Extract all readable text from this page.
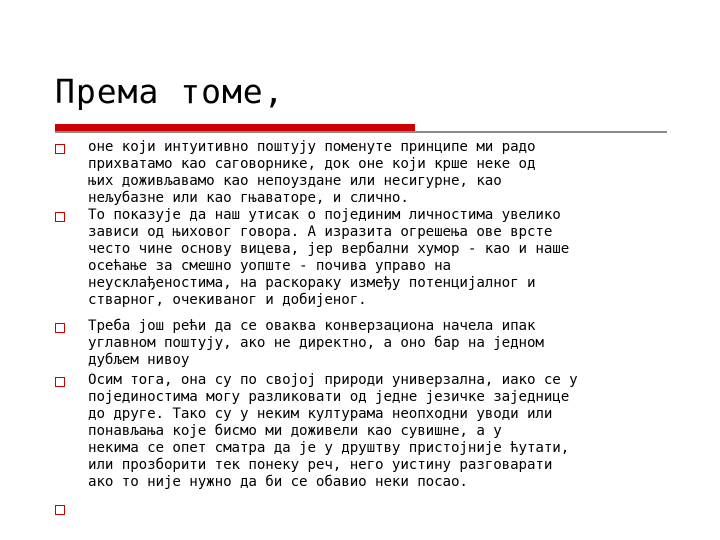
Према томе,
оне који интуитивно поштују поменуте принципе ми радо
прихватамо као саговорнике, док оне који крше неке од
њих доживљавамо као непоуздане или несигурне, као
нељубазне или као гњаваторе, и слично.
То показује да наш утисак о појединим личностима увелико
зависи од њиховог говора. А изразита огрешења ове врсте
често чине основу вицева, јер вербални хумор - као и наше
осећање за смешно уопште - почива управо на
неусклађеностима, на раскораку између потенцијалног и
стварног, очекиваног и добијеног.
Треба још рећи да се оваква конверзациона начела ипак
углавном поштују, ако не директно, а оно бар на једном
дубљем нивоу
Осим тога, она су по својој природи универзална, иако се у
појединостима могу разликовати од једне језичке заједнице
до друге. Тако су у неким културама неопходни уводи или
понављања које бисмо ми доживели као сувишне, а у
некима се опет сматра да је у друштву пристојније ћутати,
или прозборити тек понеку реч, него уистину разговарати
ако то није нужно да би се обавио неки посао.
